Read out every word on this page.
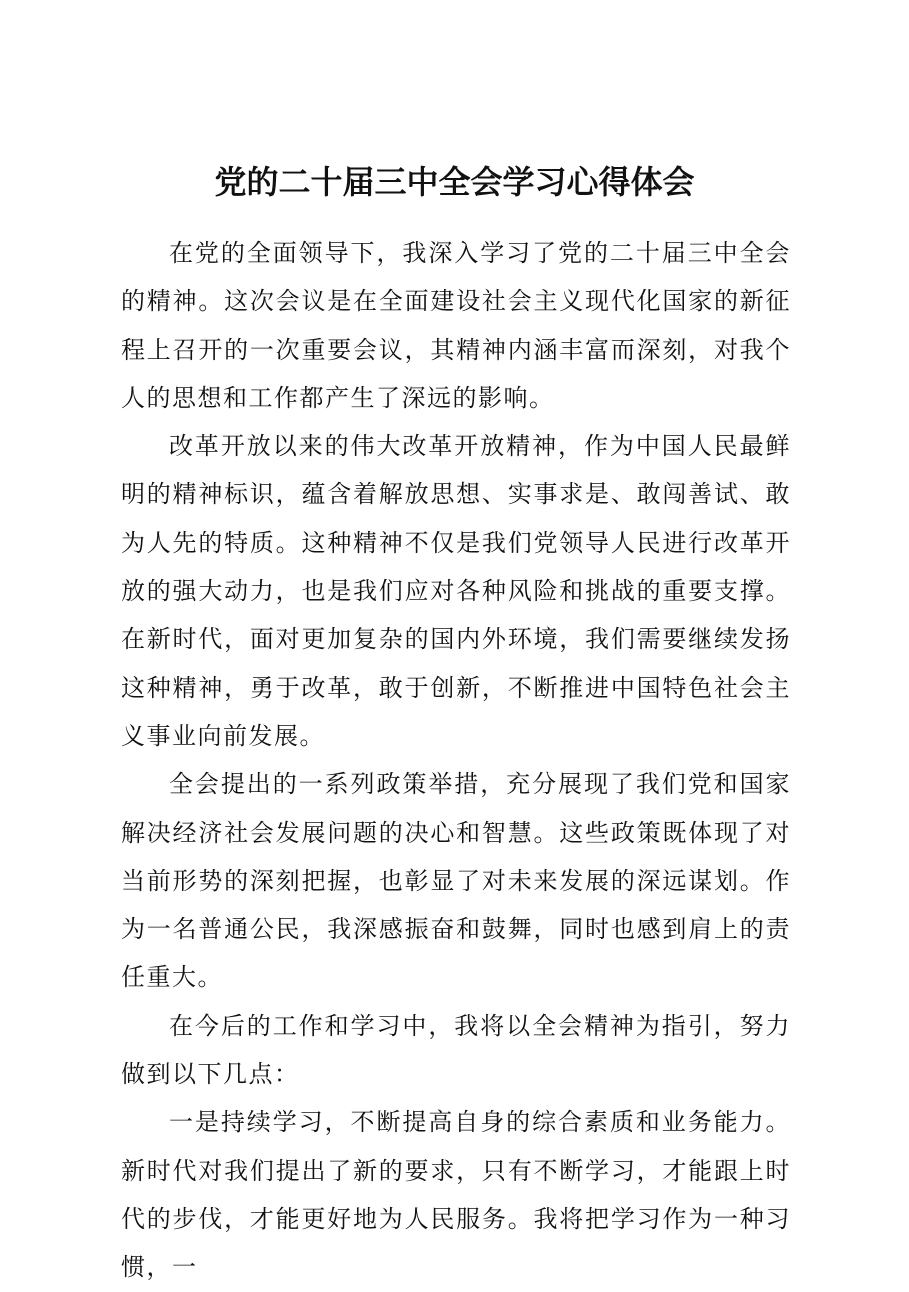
党的二十届三中全会学习心得体会

在党的全面领导下，我深入学习了党的二十届三中全会的精神。这次会议是在全面建设社会主义现代化国家的新征程上召开的一次重要会议，其精神内涵丰富而深刻，对我个人的思想和工作都产生了深远的影响。

改革开放以来的伟大改革开放精神，作为中国人民最鲜明的精神标识，蕴含着解放思想、实事求是、敢闯善试、敢为人先的特质。这种精神不仅是我们党领导人民进行改革开放的强大动力，也是我们应对各种风险和挑战的重要支撑。在新时代，面对更加复杂的国内外环境，我们需要继续发扬这种精神，勇于改革，敢于创新，不断推进中国特色社会主义事业向前发展。

全会提出的一系列政策举措，充分展现了我们党和国家解决经济社会发展问题的决心和智慧。这些政策既体现了对当前形势的深刻把握，也彰显了对未来发展的深远谋划。作为一名普通公民，我深感振奋和鼓舞，同时也感到肩上的责任重大。

在今后的工作和学习中，我将以全会精神为指引，努力做到以下几点：

一是持续学习，不断提高自身的综合素质和业务能力。新时代对我们提出了新的要求，只有不断学习，才能跟上时代的步伐，才能更好地为人民服务。我将把学习作为一种习惯，一
